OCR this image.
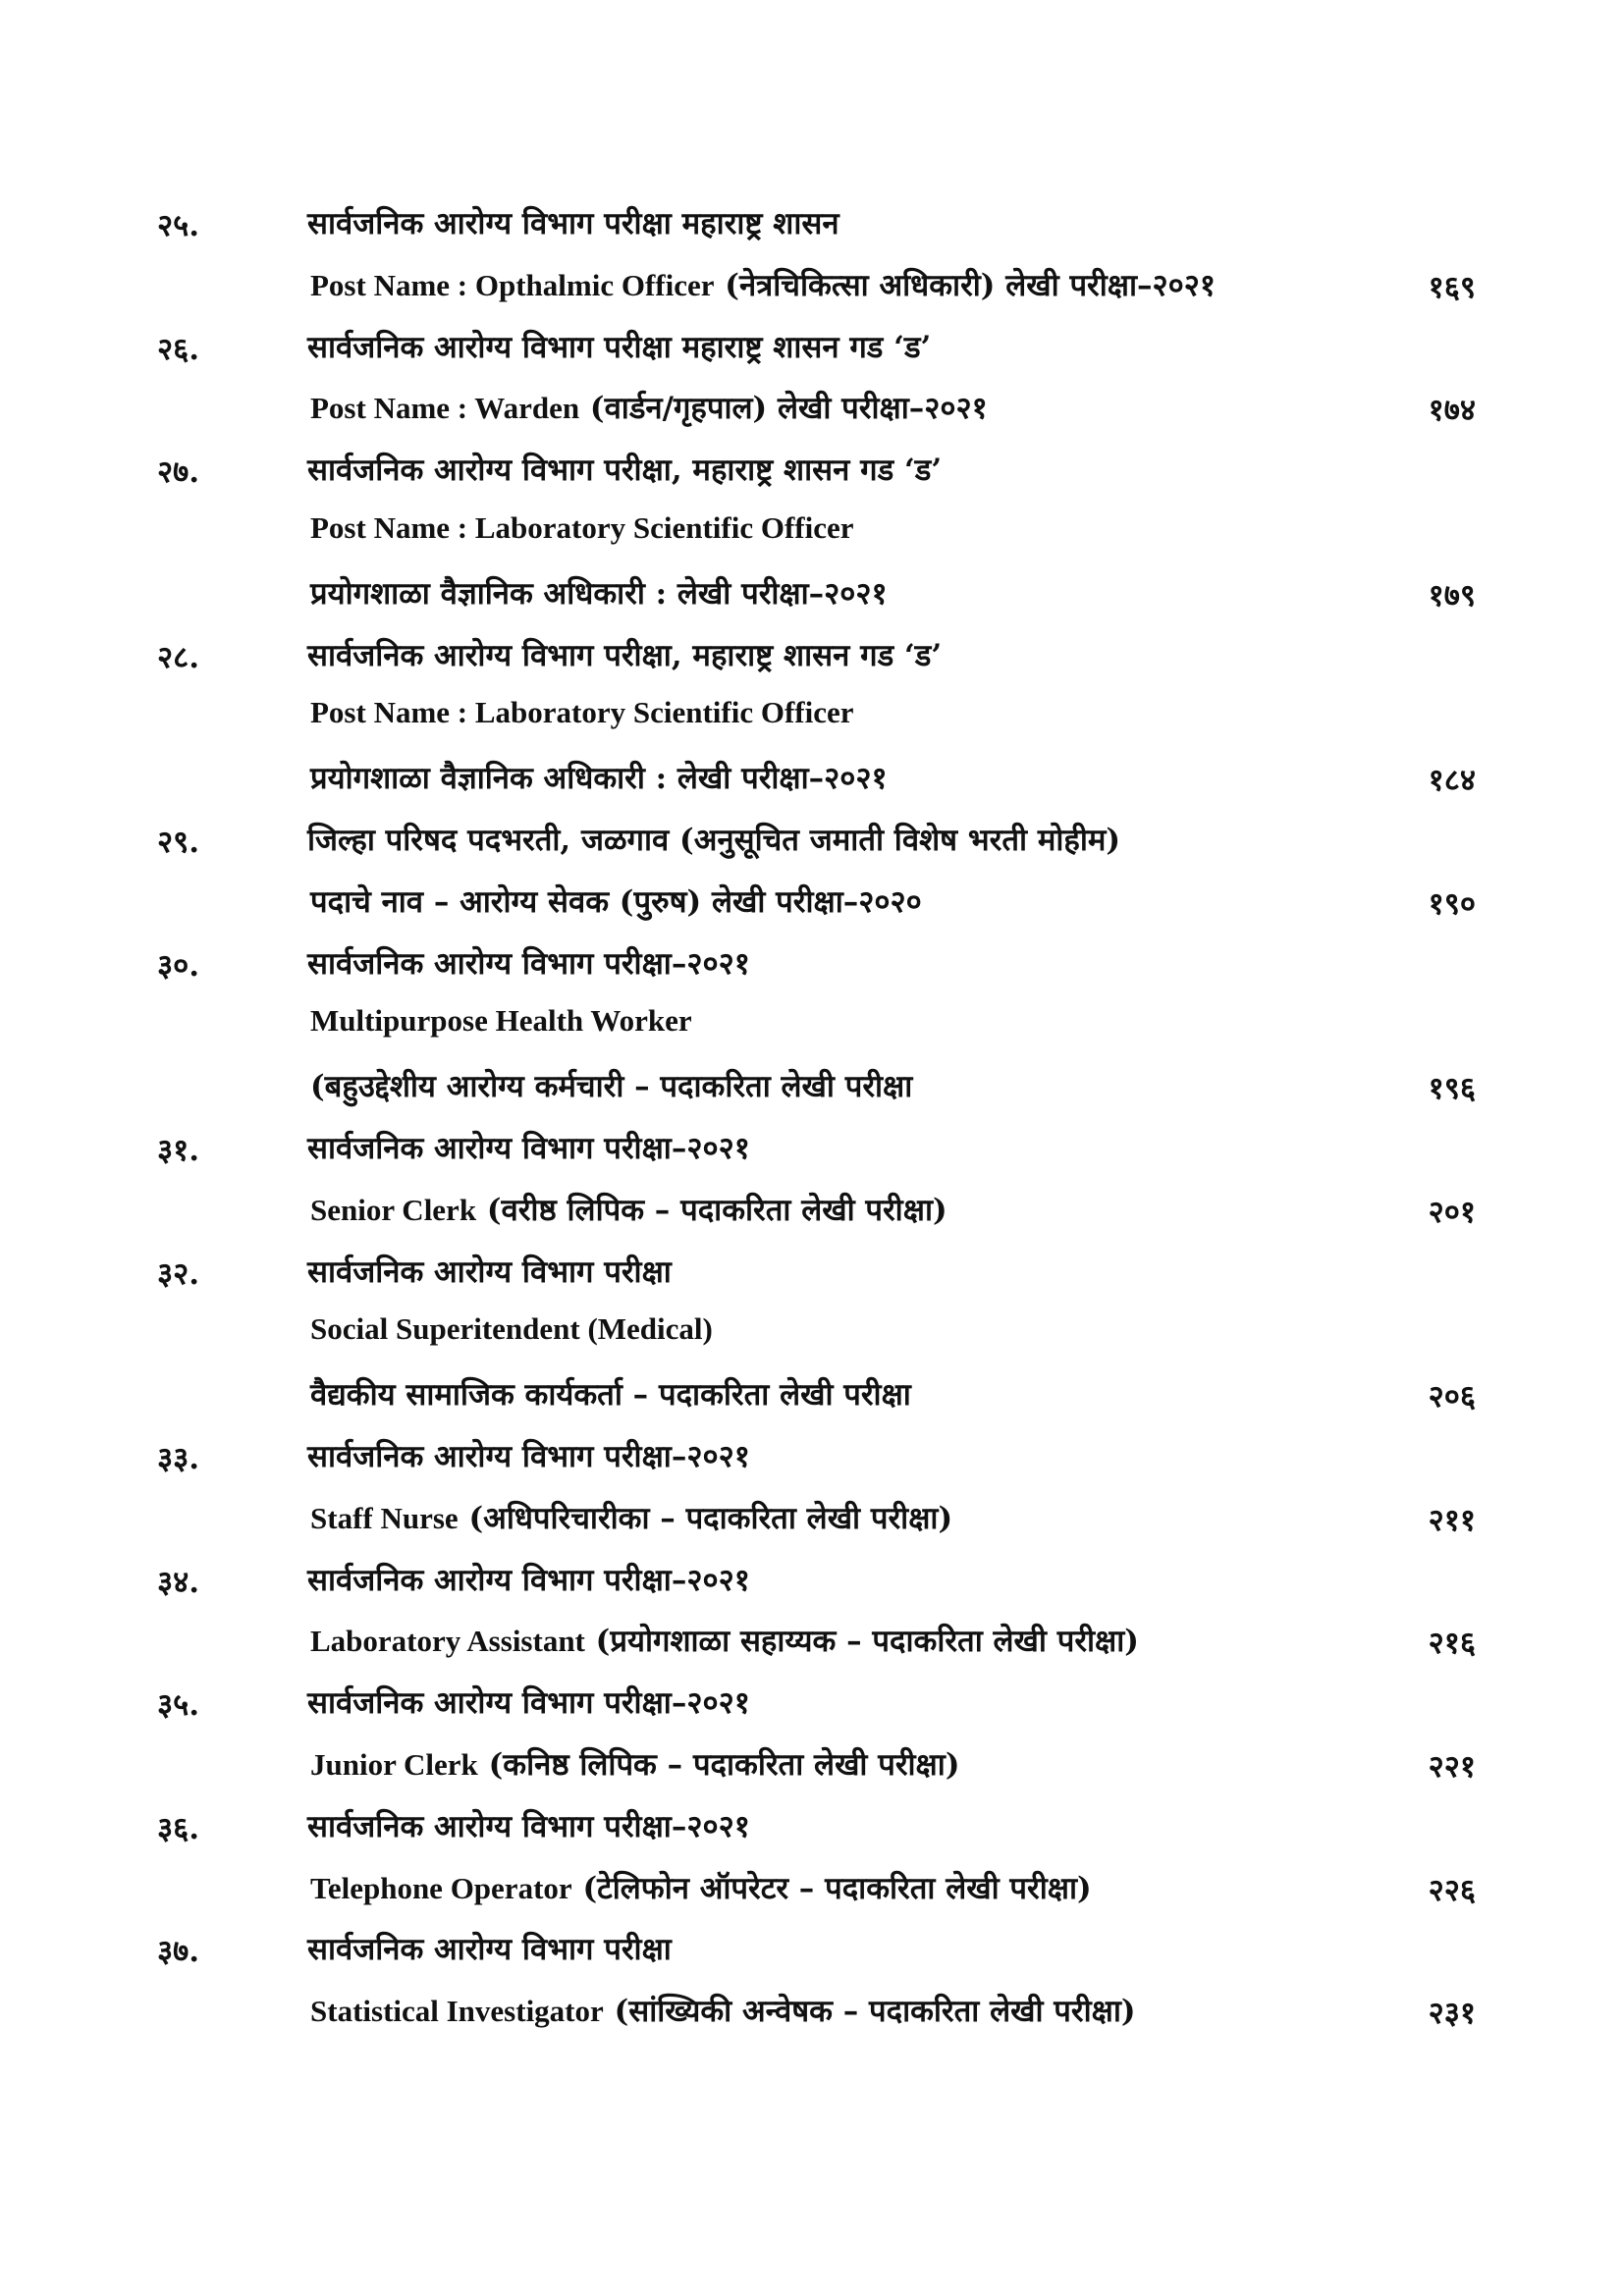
२५.	सार्वजनिक आरोग्य विभाग परीक्षा महाराष्ट्र शासन
Post Name : Opthalmic Officer (नेत्रचिकित्सा अधिकारी) लेखी परीक्षा–२०२१	१६९
२६.	सार्वजनिक आरोग्य विभाग परीक्षा महाराष्ट्र शासन गड ‘ड’
Post Name : Warden (वार्डन/गृहपाल) लेखी परीक्षा–२०२१	१७४
२७.	सार्वजनिक आरोग्य विभाग परीक्षा, महाराष्ट्र शासन गड ‘ड’
Post Name : Laboratory Scientific Officer
प्रयोगशाळा वैज्ञानिक अधिकारी : लेखी परीक्षा–२०२१	१७९
२८.	सार्वजनिक आरोग्य विभाग परीक्षा, महाराष्ट्र शासन गड ‘ड’
Post Name : Laboratory Scientific Officer
प्रयोगशाळा वैज्ञानिक अधिकारी : लेखी परीक्षा–२०२१	१८४
२९.	जिल्हा परिषद पदभरती, जळगाव (अनुसूचित जमाती विशेष भरती मोहीम)
पदाचे नाव – आरोग्य सेवक (पुरुष) लेखी परीक्षा–२०२०	१९०
३०.	सार्वजनिक आरोग्य विभाग परीक्षा–२०२१
Multipurpose Health Worker
(बहुउद्देशीय आरोग्य कर्मचारी – पदाकरिता लेखी परीक्षा	१९६
३१.	सार्वजनिक आरोग्य विभाग परीक्षा–२०२१
Senior Clerk (वरीष्ठ लिपिक – पदाकरिता लेखी परीक्षा)	२०१
३२.	सार्वजनिक आरोग्य विभाग परीक्षा
Social Superitendent (Medical)
वैद्यकीय सामाजिक कार्यकर्ता – पदाकरिता लेखी परीक्षा	२०६
३३.	सार्वजनिक आरोग्य विभाग परीक्षा–२०२१
Staff Nurse (अधिपरिचारीका – पदाकरिता लेखी परीक्षा)	२११
३४.	सार्वजनिक आरोग्य विभाग परीक्षा–२०२१
Laboratory Assistant (प्रयोगशाळा सहाय्यक – पदाकरिता लेखी परीक्षा)	२१६
३५.	सार्वजनिक आरोग्य विभाग परीक्षा–२०२१
Junior Clerk (कनिष्ठ लिपिक – पदाकरिता लेखी परीक्षा)	२२१
३६.	सार्वजनिक आरोग्य विभाग परीक्षा–२०२१
Telephone Operator (टेलिफोन ऑपरेटर – पदाकरिता लेखी परीक्षा)	२२६
३७.	सार्वजनिक आरोग्य विभाग परीक्षा
Statistical Investigator (सांख्यिकी अन्वेषक – पदाकरिता लेखी परीक्षा)	२३१
